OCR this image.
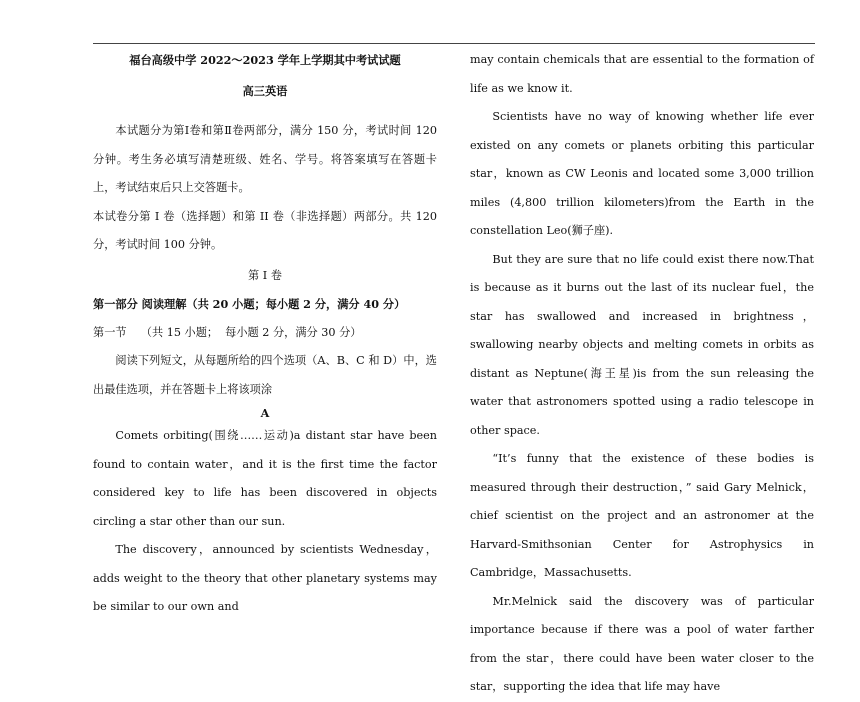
福台高级中学 2022～2023 学年上学期其中考试试题

高三英语

本试题分为第Ⅰ卷和第Ⅱ卷两部分，满分 150 分，考试时间 120 分钟。考生务必填写清楚班级、姓名、学号。将答案填写在答题卡上，考试结束后只上交答题卡。

本试卷分第 I 卷（选择题）和第 II 卷（非选择题）两部分。共 120 分，考试时间 100 分钟。

第 I 卷

第一部分 阅读理解（共 20 小题；每小题 2 分，满分 40 分）

第一节    （共 15 小题；  每小题 2 分，满分 30 分）

阅读下列短文，从每题所给的四个选项（A、B、C 和 D）中，选出最佳选项，并在答题卡上将该项涂

A

Comets orbiting(围绕……运动)a distant star have been found to contain water，and it is the first time the factor considered key to life has been discovered in objects circling a star other than our sun.

The discovery，announced by scientists Wednesday，adds weight to the theory that other planetary systems may be similar to our own and

may contain chemicals that are essential to the formation of life as we know it.

Scientists have no way of knowing whether life ever existed on any comets or planets orbiting this particular star，known as CW Leonis and located some 3,000 trillion miles (4,800 trillion kilometers)from the Earth in the constellation Leo(狮子座).

But they are sure that no life could exist there now.That is because as it burns out the last of its nuclear fuel，the star has swallowed and increased in brightness，swallowing nearby objects and melting comets in orbits as distant as Neptune(海王星)is from the sun releasing the water that astronomers spotted using a radio telescope in other space.

“It’s funny that the existence of these bodies is measured through their destruction，” said Gary Melnick，chief scientist on the project and an astronomer at the Harvard-Smithsonian Center for Astrophysics in Cambridge，Massachusetts.

Mr.Melnick said the discovery was of particular importance because if there was a pool of water farther from the star，there could have been water closer to the star，supporting the idea that life may have
